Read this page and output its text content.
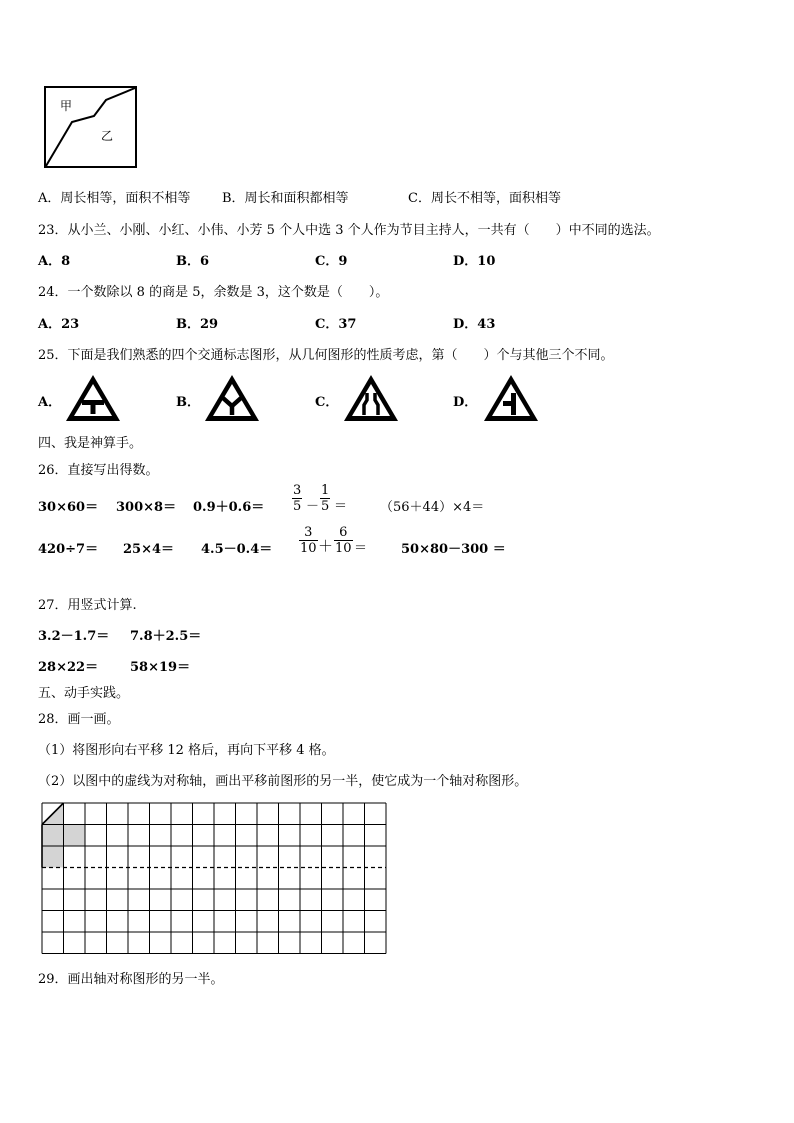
甲
乙
A．周长相等，面积不相等 B．周长和面积都相等	C．周长不相等，面积相等
23．从小兰、小刚、小红、小伟、小芳 5 个人中选 3 个人作为节目主持人，一共有（　　）中不同的选法。
A．8	B．6	C．9	D．10
24．一个数除以 8 的商是 5，余数是 3，这个数是（　　）。
A．23	B．29	C．37	D．43
25．下面是我们熟悉的四个交通标志图形，从几何图形的性质考虑，第（　　）个与其他三个不同。
A．	B．	C．	D．
四、我是神算手。
26．直接写出得数。
$30\times 60= 300\times 8= 0.9+0.6= \frac{3}{5} - \frac{1}{5}$ ＝	（56＋44）×4＝
$420\div 7= 25\times 4= 4.5-0.4= \frac{3}{10} + \frac{6}{10}$ ＝	50×80－300 ＝
27．用竖式计算.
3.2－1.7＝ 7.8＋2.5＝
28×22＝ 58×19＝
五、动手实践。
28．画一画。
（1）将图形向右平移 12 格后，再向下平移 4 格。
（2）以图中的虚线为对称轴，画出平移前图形的另一半，使它成为一个轴对称图形。
29．画出轴对称图形的另一半。
